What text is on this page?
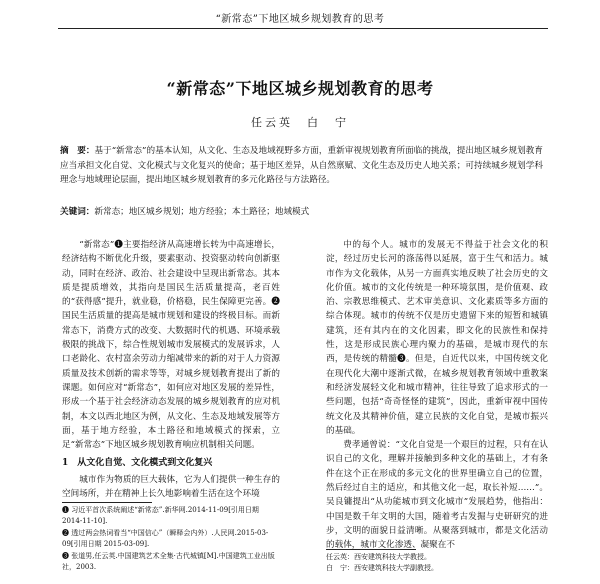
“新常态”下地区城乡规划教育的思考
“新常态”下地区城乡规划教育的思考
任云英　白　宁
摘　要：基于“新常态”的基本认知，从文化、生态及地域视野多方面，重新审视规划教育所面临的挑战，提出地区城乡规划教育应当承担文化自觉、文化模式与文化复兴的使命；基于地区差异，从自然禀赋、文化生态及历史人地关系；可持续城乡规划学科理念与地域理论层面，提出地区城乡规划教育的多元化路径与方法路径。
关键词：新常态；地区城乡规划；地方经验；本土路径；地域模式

“新常态”❶主要指经济从高速增长转为中高速增长，经济结构不断优化升级，要素驱动、投资驱动转向创新驱动，同时在经济、政治、社会建设中呈现出新常态。其本质是提质增效，其指向是国民生活质量提高，老百姓的“获得感”提升，就业稳，价格稳，民生保障更完善。❷国民生活质量的提高是城市规划和建设的终极目标。而新常态下，消费方式的改变、大数据时代的机遇、环境承载极限的挑战下，综合性规划城市发展模式的发展诉求，人口老龄化、农村富余劳动力缩减带来的新的对于人力资源质量及技术创新的需求等等，对城乡规划教育提出了新的课题。如何应对“新常态”，如何应对地区发展的差异性，形成一个基于社会经济动态发展的城乡规划教育的应对机制，本文以西北地区为例，从文化、生态及地域发展等方面，基于地方经验，本土路径和地域模式的探索，立足“新常态”下地区城乡规划教育响应机制相关问题。

1　从文化自觉、文化模式到文化复兴

城市作为物质的巨大载体，它为人们提供一种生存的空间场所，并在精神上长久地影响着生活在这个环境

中的每个人。城市的发展无不得益于社会文化的积淀，经过历史长河的涤荡得以延展，富于生气和活力。城市作为文化载体，从另一方面真实地反映了社会历史的文化价值。城市的文化传统是一种环境氛围，是价值观、政治、宗教思维模式、艺术审美意识、文化素质等多方面的综合体现。城市的传统不仅是历史遗留下来的短暂和城镇建筑，还有其内在的文化因素，即文化的民族性和保持性，这是形成民族心理内聚力的基础，是城市现代的东西，是传统的精髓❸。但是，自近代以来，中国传统文化在现代化大潮中逐渐式微，在城乡规划教育领域中重教案和经济发展轻文化和城市精神，往往导致了追求形式的一些问题，包括“奇奇怪怪的建筑”，因此，重新审视中国传统文化及其精神价值，建立民族的文化自觉，是城市振兴的基础。

费孝通曾说：“文化自觉是一个艰巨的过程，只有在认识自己的文化，理解并接触到多种文化的基础上，才有条件在这个正在形成的多元文化的世界里确立自己的位置，然后经过自主的适应，和其他文化一起，取长补短……”。吴良镛提出“从功能城市到文化城市”发展趋势，他指出：中国是数千年文明的大国，随着考古发掘与史研研究的进步，文明的面貌日益清晰。从聚落到城市，都是文化活动的载体，城市文化渗透、凝聚在不

❶ 习近平首次系统阐述“新常态”.新华网.2014-11-09[引用日期 2014-11-10].
❷ 透过两会热词看当“中国信心”（瞬释会内外）.人民网.2015-03-09[引用日期 2015-03-09].
❸ 张道男,任云英.中国建筑艺术全集·古代城镇[M].中国建筑工业出版社，2003.
任云英：西安建筑科技大学教授。
白　宁：西安建筑科技大学副教授。
